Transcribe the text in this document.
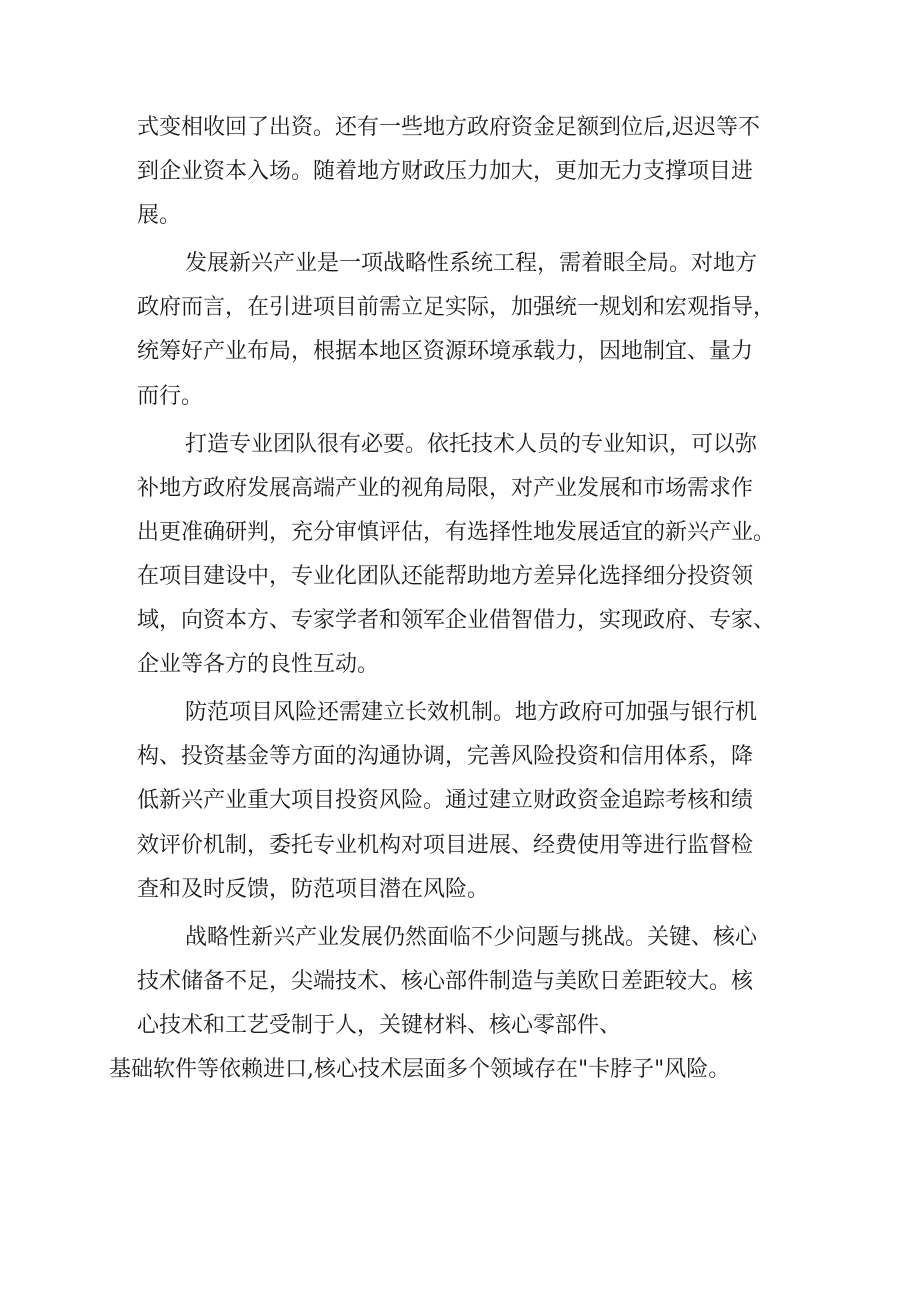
式变相收回了出资。还有一些地方政府资金足额到位后,迟迟等不
到企业资本入场。随着地方财政压力加大，更加无力支撑项目进
展。
发展新兴产业是一项战略性系统工程，需着眼全局。对地方
政府而言，在引进项目前需立足实际，加强统一规划和宏观指导，
统筹好产业布局，根据本地区资源环境承载力，因地制宜、量力
而行。
打造专业团队很有必要。依托技术人员的专业知识，可以弥
补地方政府发展高端产业的视角局限，对产业发展和市场需求作
出更准确研判，充分审慎评估，有选择性地发展适宜的新兴产业。
在项目建设中，专业化团队还能帮助地方差异化选择细分投资领
域，向资本方、专家学者和领军企业借智借力，实现政府、专家、
企业等各方的良性互动。
防范项目风险还需建立长效机制。地方政府可加强与银行机
构、投资基金等方面的沟通协调，完善风险投资和信用体系，降
低新兴产业重大项目投资风险。通过建立财政资金追踪考核和绩
效评价机制，委托专业机构对项目进展、经费使用等进行监督检
查和及时反馈，防范项目潜在风险。
战略性新兴产业发展仍然面临不少问题与挑战。关键、核心
技术储备不足，尖端技术、核心部件制造与美欧日差距较大。核
心技术和工艺受制于人，关键材料、核心零部件、
基础软件等依赖进口,核心技术层面多个领域存在"卡脖子"风险。
